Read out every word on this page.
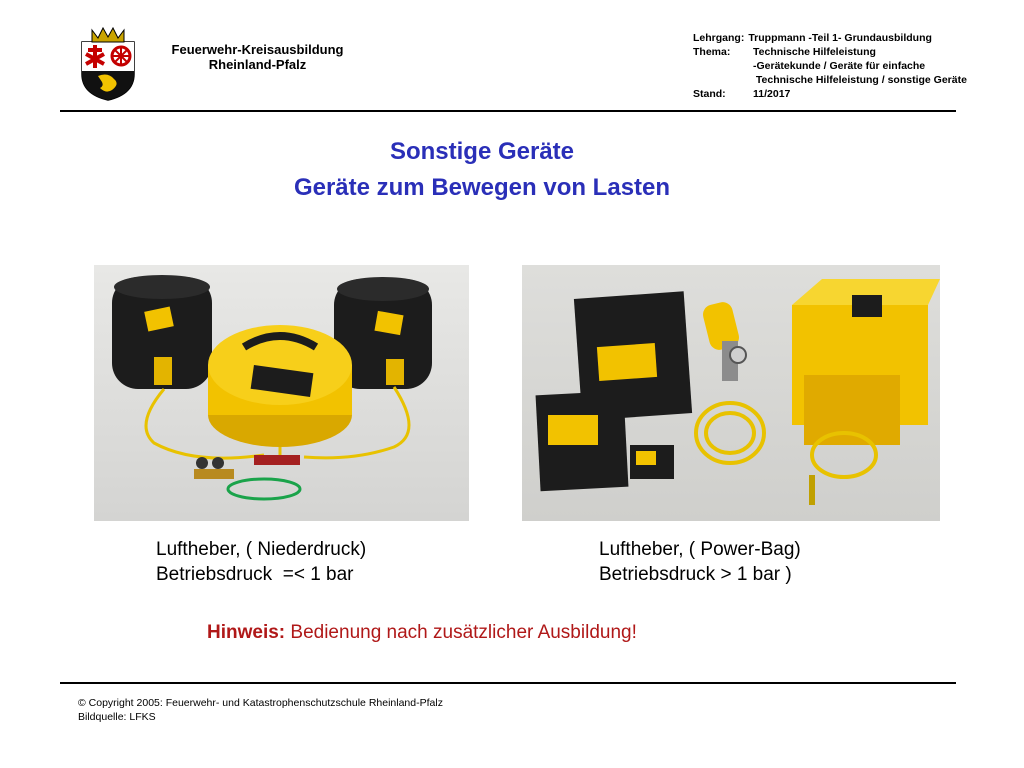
Feuerwehr-Kreisausbildung
Rheinland-Pfalz
Lehrgang: Truppmann -Teil 1- Grundausbildung
Thema:	Technische Hilfeleistung
-Gerätekunde / Geräte für einfache
Technische Hilfeleistung / sonstige Geräte
Stand:	11/2017
Sonstige Geräte
Geräte zum Bewegen von Lasten
Luftheber, ( Niederdruck)
Betriebsdruck  =< 1 bar
Luftheber, ( Power-Bag)
Betriebsdruck > 1 bar )
Hinweis: Bedienung nach zusätzlicher Ausbildung!
© Copyright 2005: Feuerwehr- und Katastrophenschutzschule Rheinland-Pfalz
Bildquelle: LFKS
